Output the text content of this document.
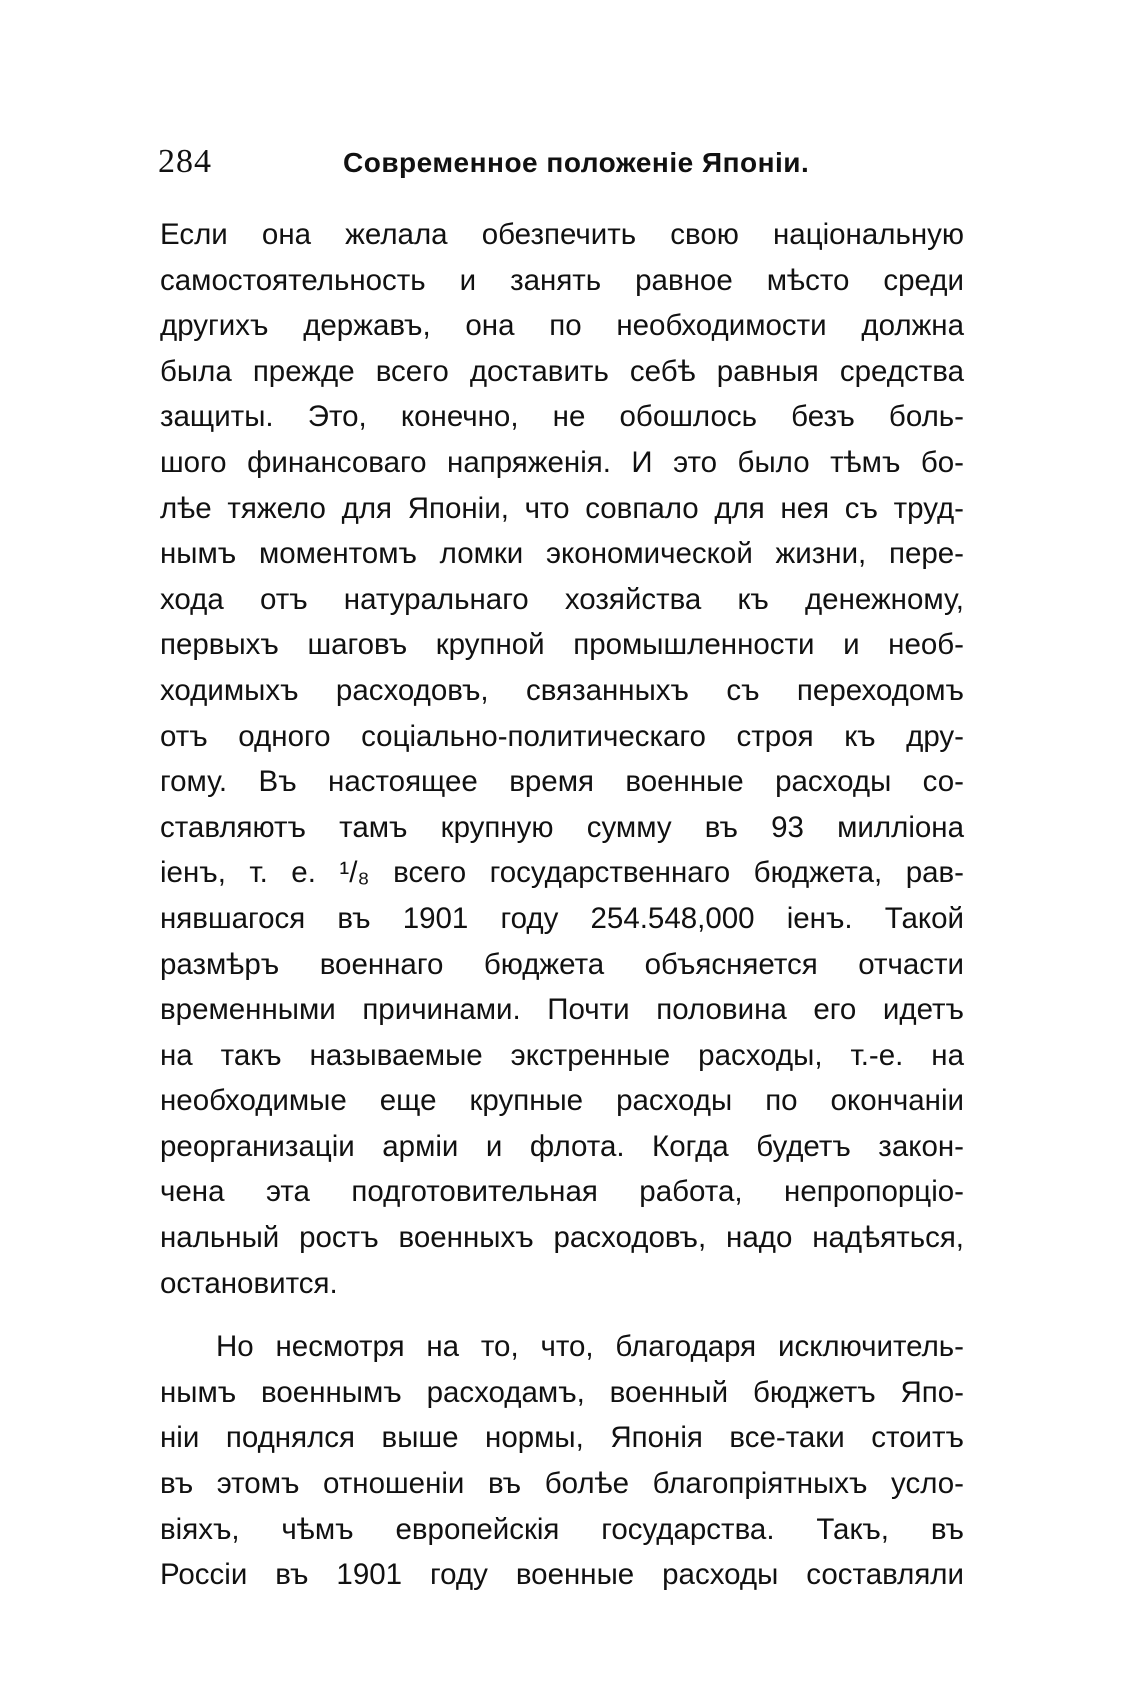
284	Современное положенie Японiи.
Если она желала обезпечить свою нацiональную
самостоятельность и занять равное мѣсто среди
другихъ державъ, она по необходимости должна
была прежде всего доставить себѣ равныя средства
защиты. Это, конечно, не обошлось безъ боль-
шого финансоваго напряженiя. И это было тѣмъ бо-
лѣе тяжело для Японiи, что совпало для нея съ труд-
нымъ моментомъ ломки экономической жизни, пере-
хода отъ натуральнаго хозяйства къ денежному,
первыхъ шаговъ крупной промышленности и необ-
ходимыхъ расходовъ, связанныхъ съ переходомъ
отъ одного соцiально-политическаго строя къ дру-
гому. Въ настоящее время военные расходы со-
ставляютъ тамъ крупную сумму въ 93 миллiона
iенъ, т. е. ¹/₈ всего государственнаго бюджета, рав-
нявшагося въ 1901 году 254.548,000 iенъ. Такой
размѣръ военнаго бюджета объясняется отчасти
временными причинами. Почти половина его идетъ
на такъ называемые экстренные расходы, т.-е. на
необходимые еще крупные расходы по окончанiи
реорганизацiи армiи и флота. Когда будетъ закон-
чена эта подготовительная работа, непропорцiо-
нальный ростъ военныхъ расходовъ, надо надѣяться,
остановится.
Но несмотря на то, что, благодаря исключитель-
нымъ военнымъ расходамъ, военный бюджетъ Япо-
нiи поднялся выше нормы, Японiя все-таки стоитъ
въ этомъ отношенiи въ болѣе благопрiятныхъ усло-
вiяхъ, чѣмъ европейскiя государства. Такъ, въ
Россiи въ 1901 году военные расходы составляли
